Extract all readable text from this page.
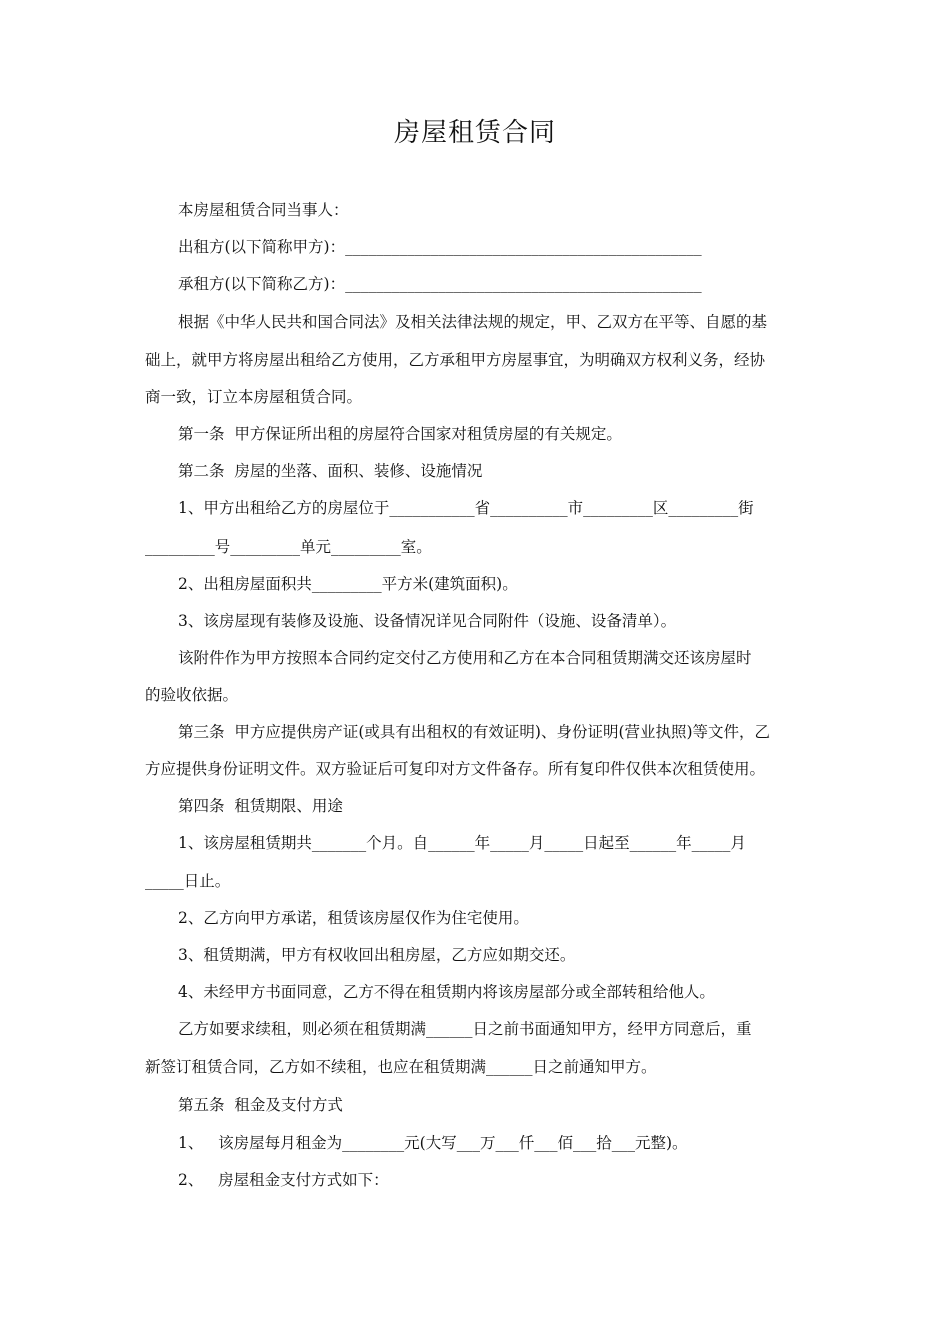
房屋租赁合同
本房屋租赁合同当事人：
出租方(以下简称甲方)：______________________________________________
承租方(以下简称乙方)：______________________________________________
根据《中华人民共和国合同法》及相关法律法规的规定，甲、乙双方在平等、自愿的基
础上，就甲方将房屋出租给乙方使用，乙方承租甲方房屋事宜，为明确双方权利义务，经协
商一致，订立本房屋租赁合同。
第一条  甲方保证所出租的房屋符合国家对租赁房屋的有关规定。
第二条  房屋的坐落、面积、装修、设施情况
1、甲方出租给乙方的房屋位于___________省__________市_________区_________街
_________号_________单元_________室。
2、出租房屋面积共_________平方米(建筑面积)。
3、该房屋现有装修及设施、设备情况详见合同附件（设施、设备清单）。
该附件作为甲方按照本合同约定交付乙方使用和乙方在本合同租赁期满交还该房屋时
的验收依据。
第三条  甲方应提供房产证(或具有出租权的有效证明)、身份证明(营业执照)等文件，乙
方应提供身份证明文件。双方验证后可复印对方文件备存。所有复印件仅供本次租赁使用。
第四条  租赁期限、用途
1、该房屋租赁期共_______个月。自______年_____月_____日起至______年_____月
_____日止。
2、乙方向甲方承诺，租赁该房屋仅作为住宅使用。
3、租赁期满，甲方有权收回出租房屋，乙方应如期交还。
4、未经甲方书面同意，乙方不得在租赁期内将该房屋部分或全部转租给他人。
乙方如要求续租，则必须在租赁期满______日之前书面通知甲方，经甲方同意后，重
新签订租赁合同，乙方如不续租，也应在租赁期满______日之前通知甲方。
第五条  租金及支付方式
1、   该房屋每月租金为________元(大写___万___仟___佰___拾___元整)。
2、   房屋租金支付方式如下：
